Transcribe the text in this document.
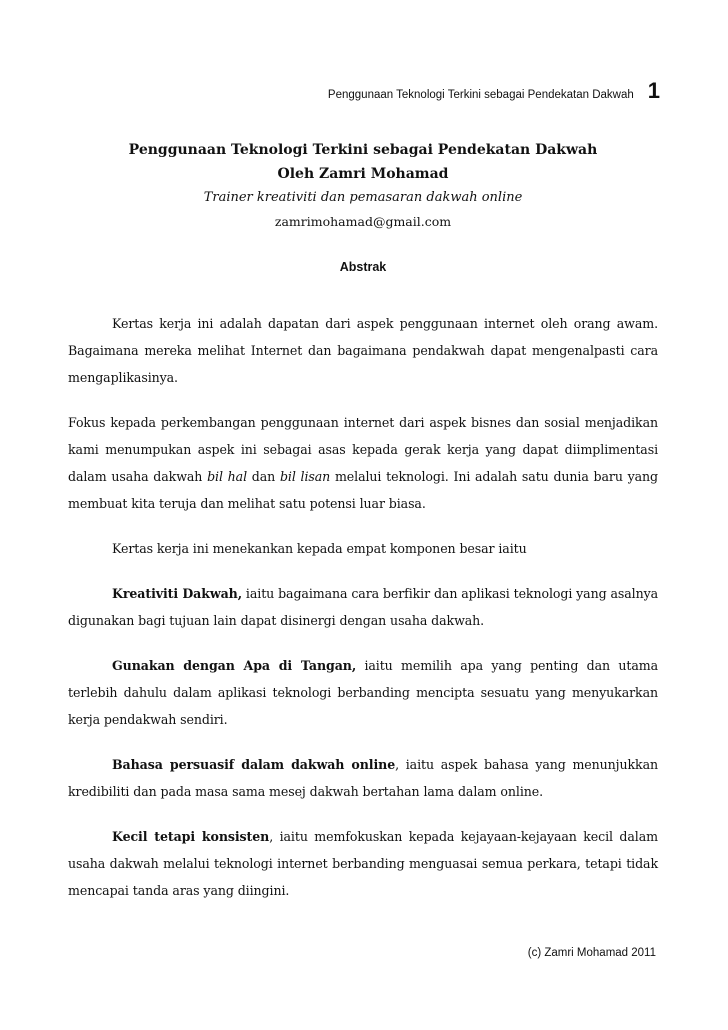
Penggunaan Teknologi Terkini sebagai Pendekatan Dakwah 1
Penggunaan Teknologi Terkini sebagai Pendekatan Dakwah
Oleh Zamri Mohamad
Trainer kreativiti dan pemasaran dakwah online
zamrimohamad@gmail.com
Abstrak

Kertas kerja ini adalah dapatan dari aspek penggunaan internet oleh orang awam. Bagaimana mereka melihat Internet dan bagaimana pendakwah dapat mengenalpasti cara mengaplikasinya.

Fokus kepada perkembangan penggunaan internet dari aspek bisnes dan sosial menjadikan kami menumpukan aspek ini sebagai asas kepada gerak kerja yang dapat diimplimentasi dalam usaha dakwah bil hal dan bil lisan melalui teknologi. Ini adalah satu dunia baru yang membuat kita teruja dan melihat satu potensi luar biasa.

Kertas kerja ini menekankan kepada empat komponen besar iaitu

Kreativiti Dakwah, iaitu bagaimana cara berfikir dan aplikasi teknologi yang asalnya digunakan bagi tujuan lain dapat disinergi dengan usaha dakwah.

Gunakan dengan Apa di Tangan, iaitu memilih apa yang penting dan utama terlebih dahulu dalam aplikasi teknologi berbanding mencipta sesuatu yang menyukarkan kerja pendakwah sendiri.

Bahasa persuasif dalam dakwah online, iaitu aspek bahasa yang menunjukkan kredibiliti dan pada masa sama mesej dakwah bertahan lama dalam online.

Kecil tetapi konsisten, iaitu memfokuskan kepada kejayaan-kejayaan kecil dalam usaha dakwah melalui teknologi internet berbanding menguasai semua perkara, tetapi tidak mencapai tanda aras yang diingini.

(c) Zamri Mohamad 2011
